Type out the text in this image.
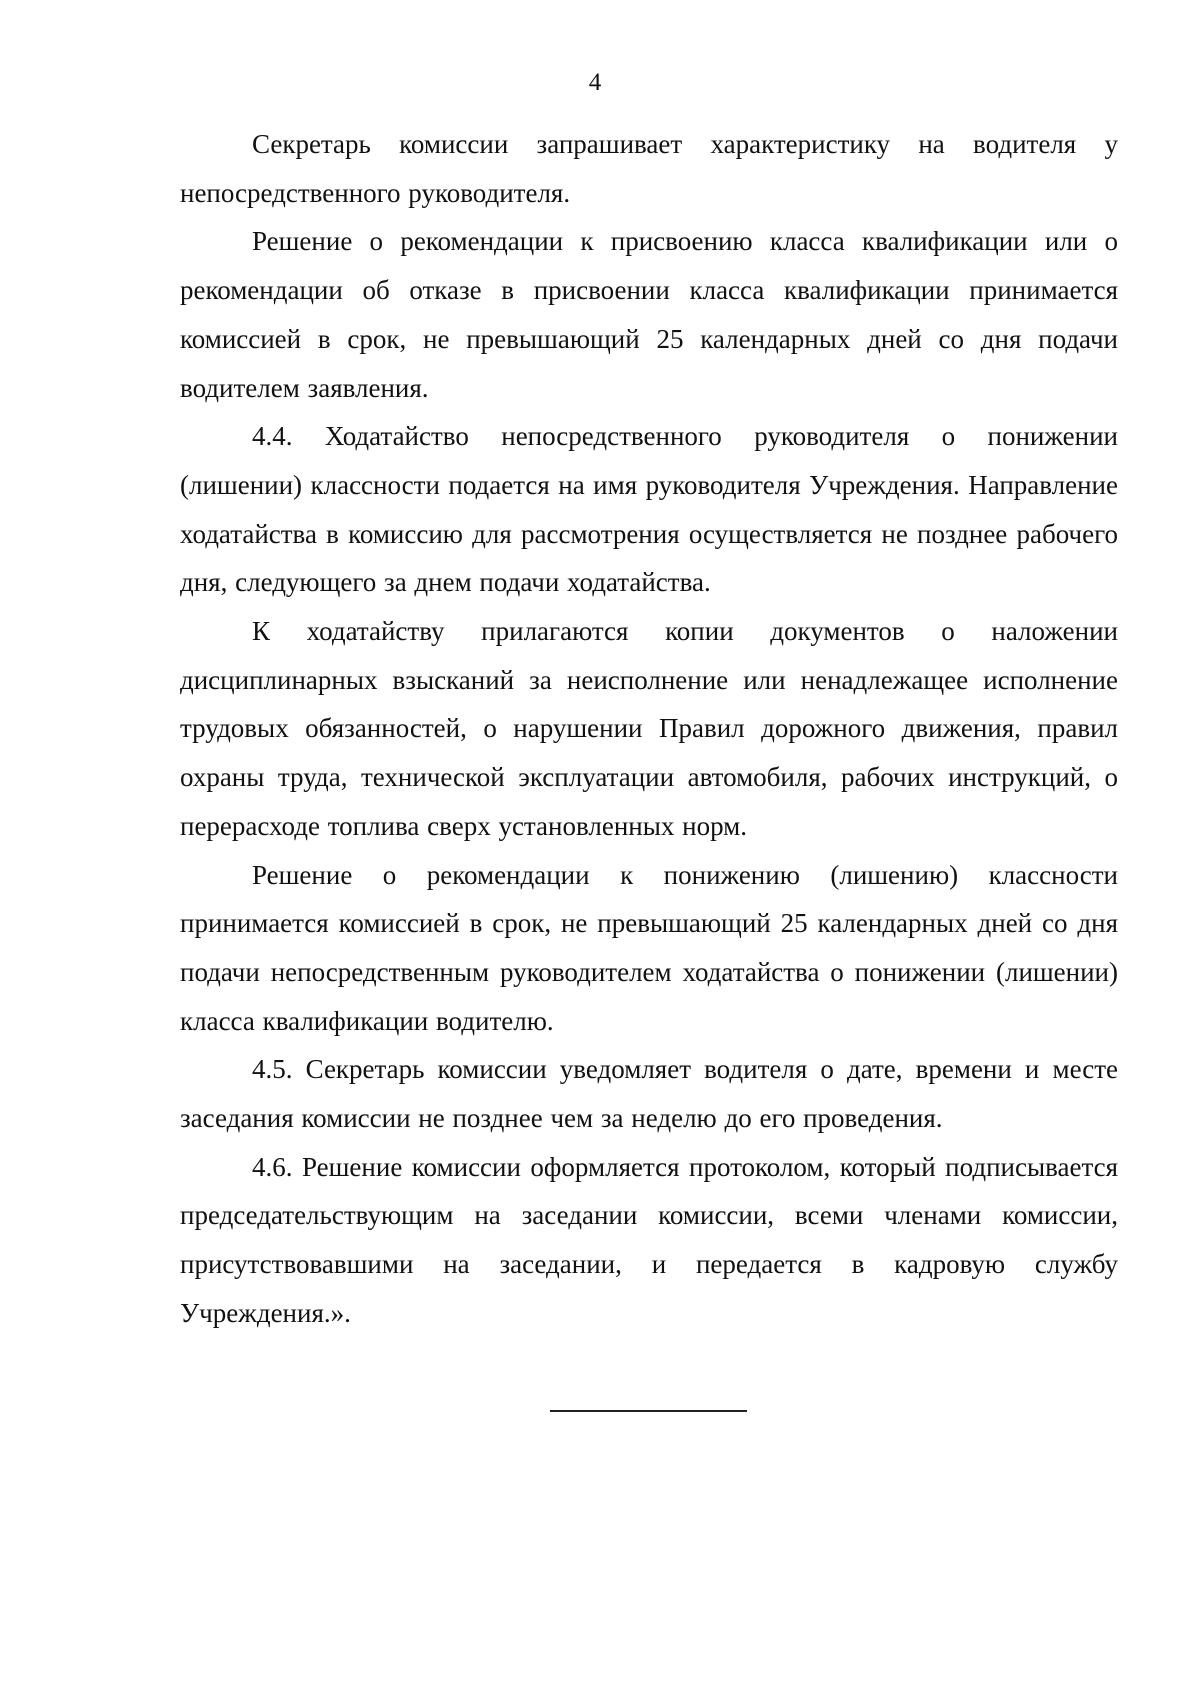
4

Секретарь комиссии запрашивает характеристику на водителя у непосредственного руководителя.

Решение о рекомендации к присвоению класса квалификации или о рекомендации об отказе в присвоении класса квалификации принимается комиссией в срок, не превышающий 25 календарных дней со дня подачи водителем заявления.

4.4. Ходатайство непосредственного руководителя о понижении (лишении) классности подается на имя руководителя Учреждения. Направление ходатайства в комиссию для рассмотрения осуществляется не позднее рабочего дня, следующего за днем подачи ходатайства.

К ходатайству прилагаются копии документов о наложении дисциплинарных взысканий за неисполнение или ненадлежащее исполнение трудовых обязанностей, о нарушении Правил дорожного движения, правил охраны труда, технической эксплуатации автомобиля, рабочих инструкций, о перерасходе топлива сверх установленных норм.

Решение о рекомендации к понижению (лишению) классности принимается комиссией в срок, не превышающий 25 календарных дней со дня подачи непосредственным руководителем ходатайства о понижении (лишении) класса квалификации водителю.

4.5. Секретарь комиссии уведомляет водителя о дате, времени и месте заседания комиссии не позднее чем за неделю до его проведения.

4.6. Решение комиссии оформляется протоколом, который подписывается председательствующим на заседании комиссии, всеми членами комиссии, присутствовавшими на заседании, и передается в кадровую службу Учреждения.».
